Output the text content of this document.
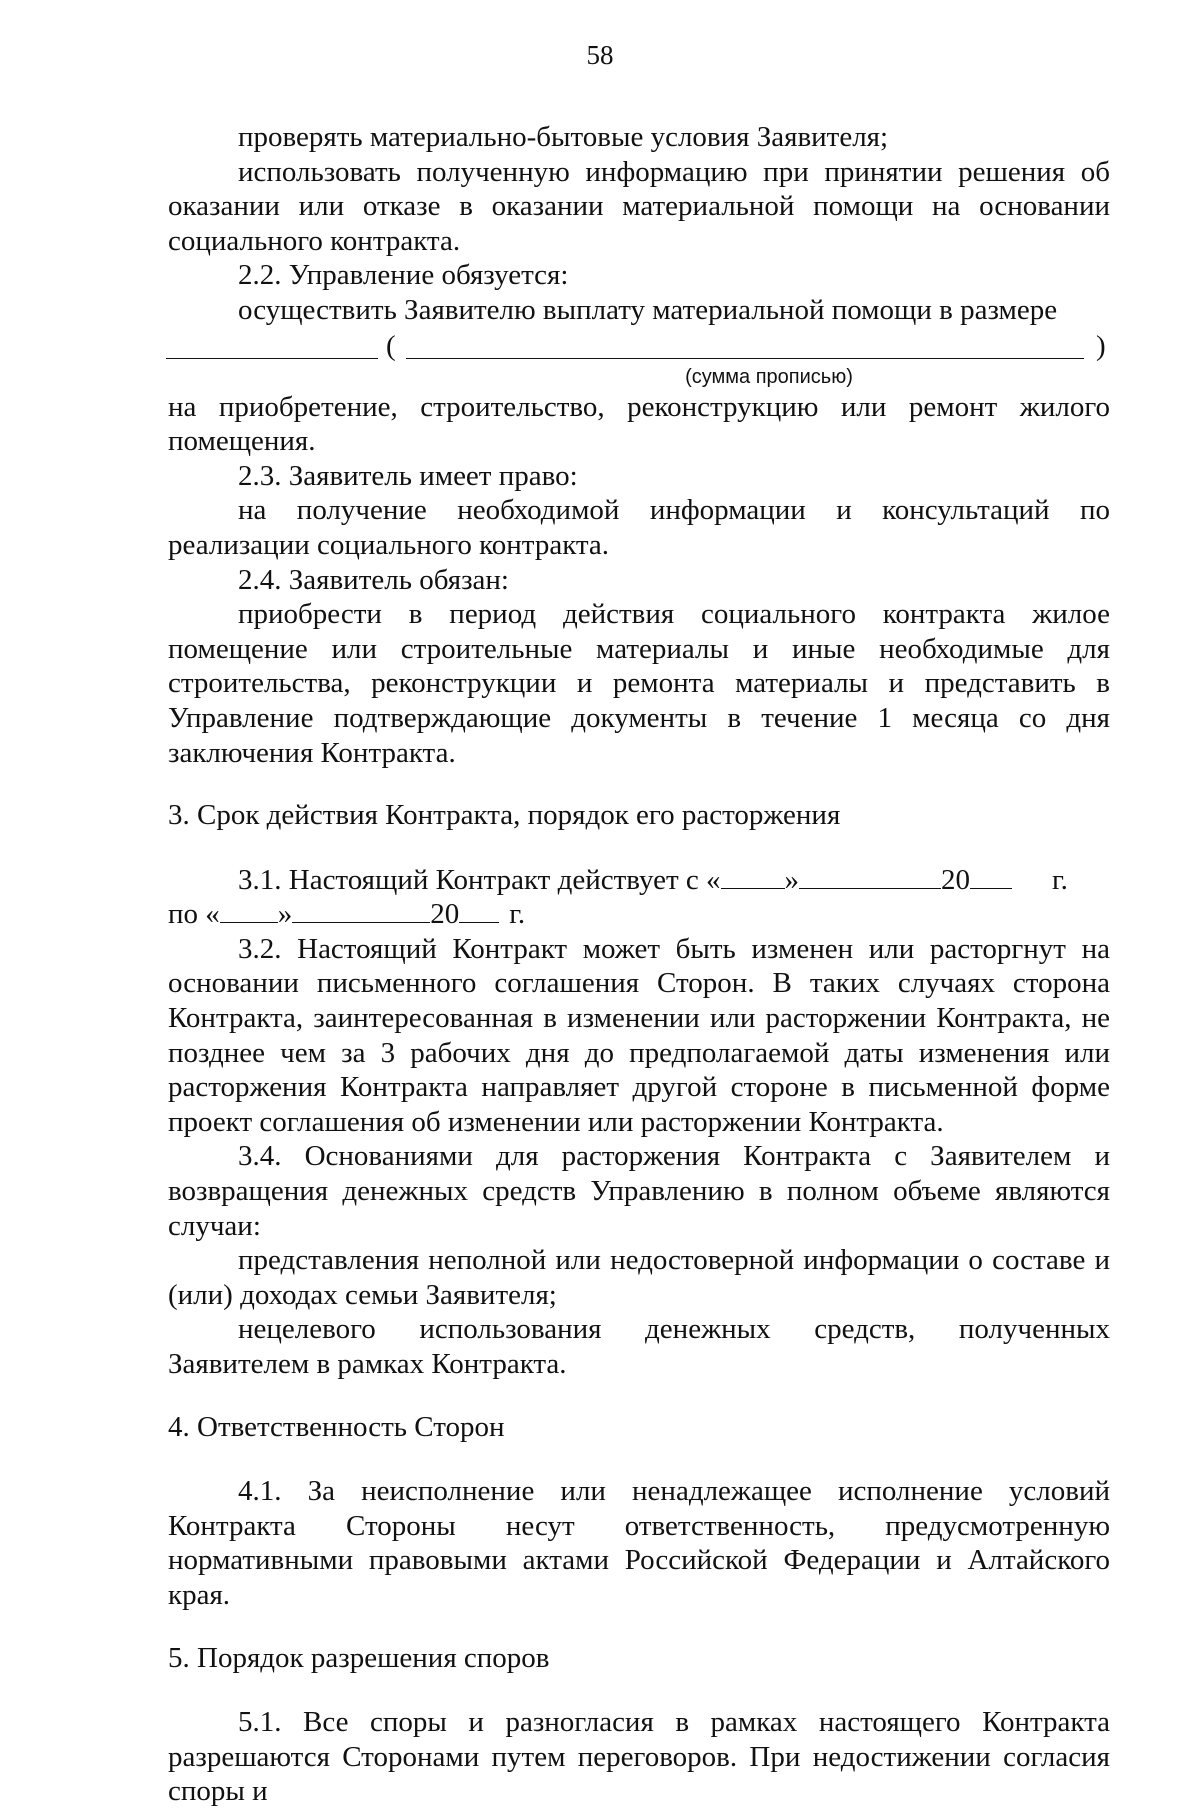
58

проверять материально-бытовые условия Заявителя;

использовать полученную информацию при принятии решения об оказании или отказе в оказании материальной помощи на основании социального контракта.

2.2. Управление обязуется:

осуществить Заявителю выплату материальной помощи в размере

(	)
(сумма прописью)

на приобретение, строительство, реконструкцию или ремонт жилого помещения.

2.3. Заявитель имеет право:

на получение необходимой информации и консультаций по реализации социального контракта.

2.4. Заявитель обязан:

приобрести в период действия социального контракта жилое помещение или строительные материалы и иные необходимые для строительства, реконструкции и ремонта материалы и представить в Управление подтверждающие документы в течение 1 месяца со дня заключения Контракта.

3. Срок действия Контракта, порядок его расторжения

3.1. Настоящий Контракт действует с « »	20	г.

по « »	20 г.

3.2. Настоящий Контракт может быть изменен или расторгнут на основании письменного соглашения Сторон. В таких случаях сторона Контракта, заинтересованная в изменении или расторжении Контракта, не позднее чем за 3 рабочих дня до предполагаемой даты изменения или расторжения Контракта направляет другой стороне в письменной форме проект соглашения об изменении или расторжении Контракта.

3.4. Основаниями для расторжения Контракта с Заявителем и возвращения денежных средств Управлению в полном объеме являются случаи:

представления неполной или недостоверной информации о составе и (или) доходах семьи Заявителя;

нецелевого использования денежных средств, полученных Заявителем в рамках Контракта.

4. Ответственность Сторон

4.1. За неисполнение или ненадлежащее исполнение условий Контракта Стороны несут ответственность, предусмотренную нормативными правовыми актами Российской Федерации и Алтайского края.

5. Порядок разрешения споров

5.1. Все споры и разногласия в рамках настоящего Контракта разрешаются Сторонами путем переговоров. При недостижении согласия споры и
